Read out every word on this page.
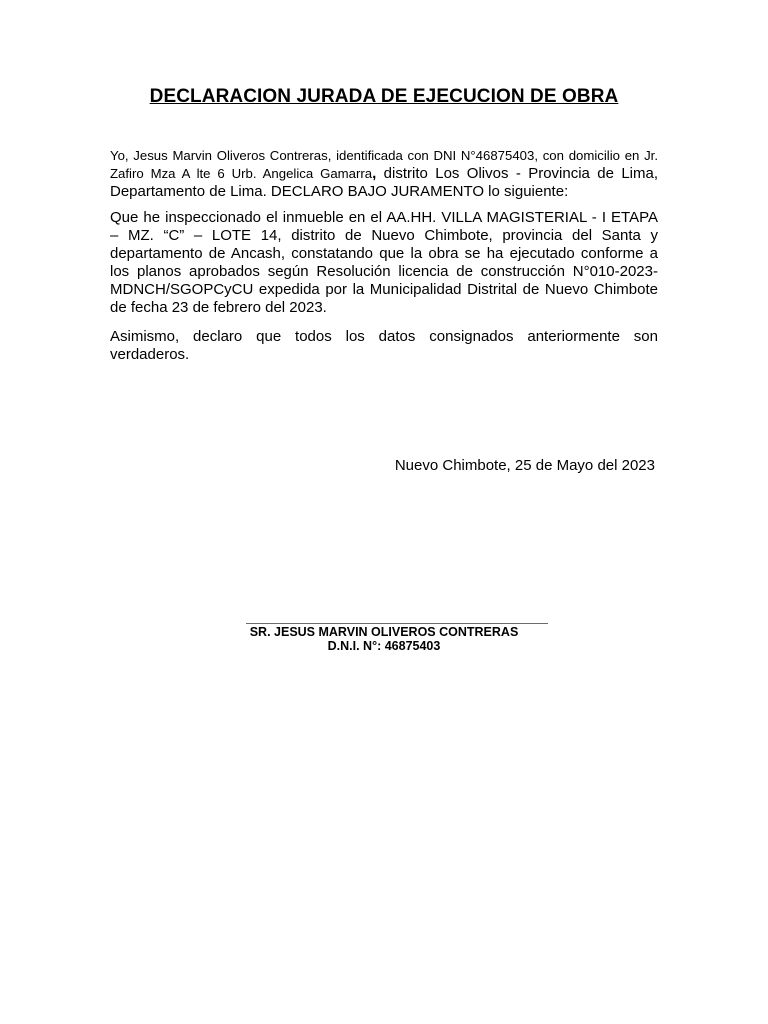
DECLARACION JURADA DE EJECUCION DE OBRA
Yo, Jesus Marvin Oliveros Contreras, identificada con DNI N°46875403, con domicilio en Jr. Zafiro Mza A lte 6 Urb. Angelica Gamarra, distrito Los Olivos - Provincia de Lima, Departamento de Lima. DECLARO BAJO JURAMENTO lo siguiente:
Que he inspeccionado el inmueble en el AA.HH. VILLA MAGISTERIAL - I ETAPA – MZ. “C” – LOTE 14, distrito de Nuevo Chimbote, provincia del Santa y departamento de Ancash, constatando que la obra se ha ejecutado conforme a los planos aprobados según Resolución licencia de construcción N°010-2023-MDNCH/SGOPCyCU expedida por la Municipalidad Distrital de Nuevo Chimbote de fecha 23 de febrero del 2023.
Asimismo, declaro que todos los datos consignados anteriormente son verdaderos.
Nuevo Chimbote, 25 de Mayo del 2023
SR. JESUS MARVIN OLIVEROS CONTRERAS
D.N.I. N°: 46875403
